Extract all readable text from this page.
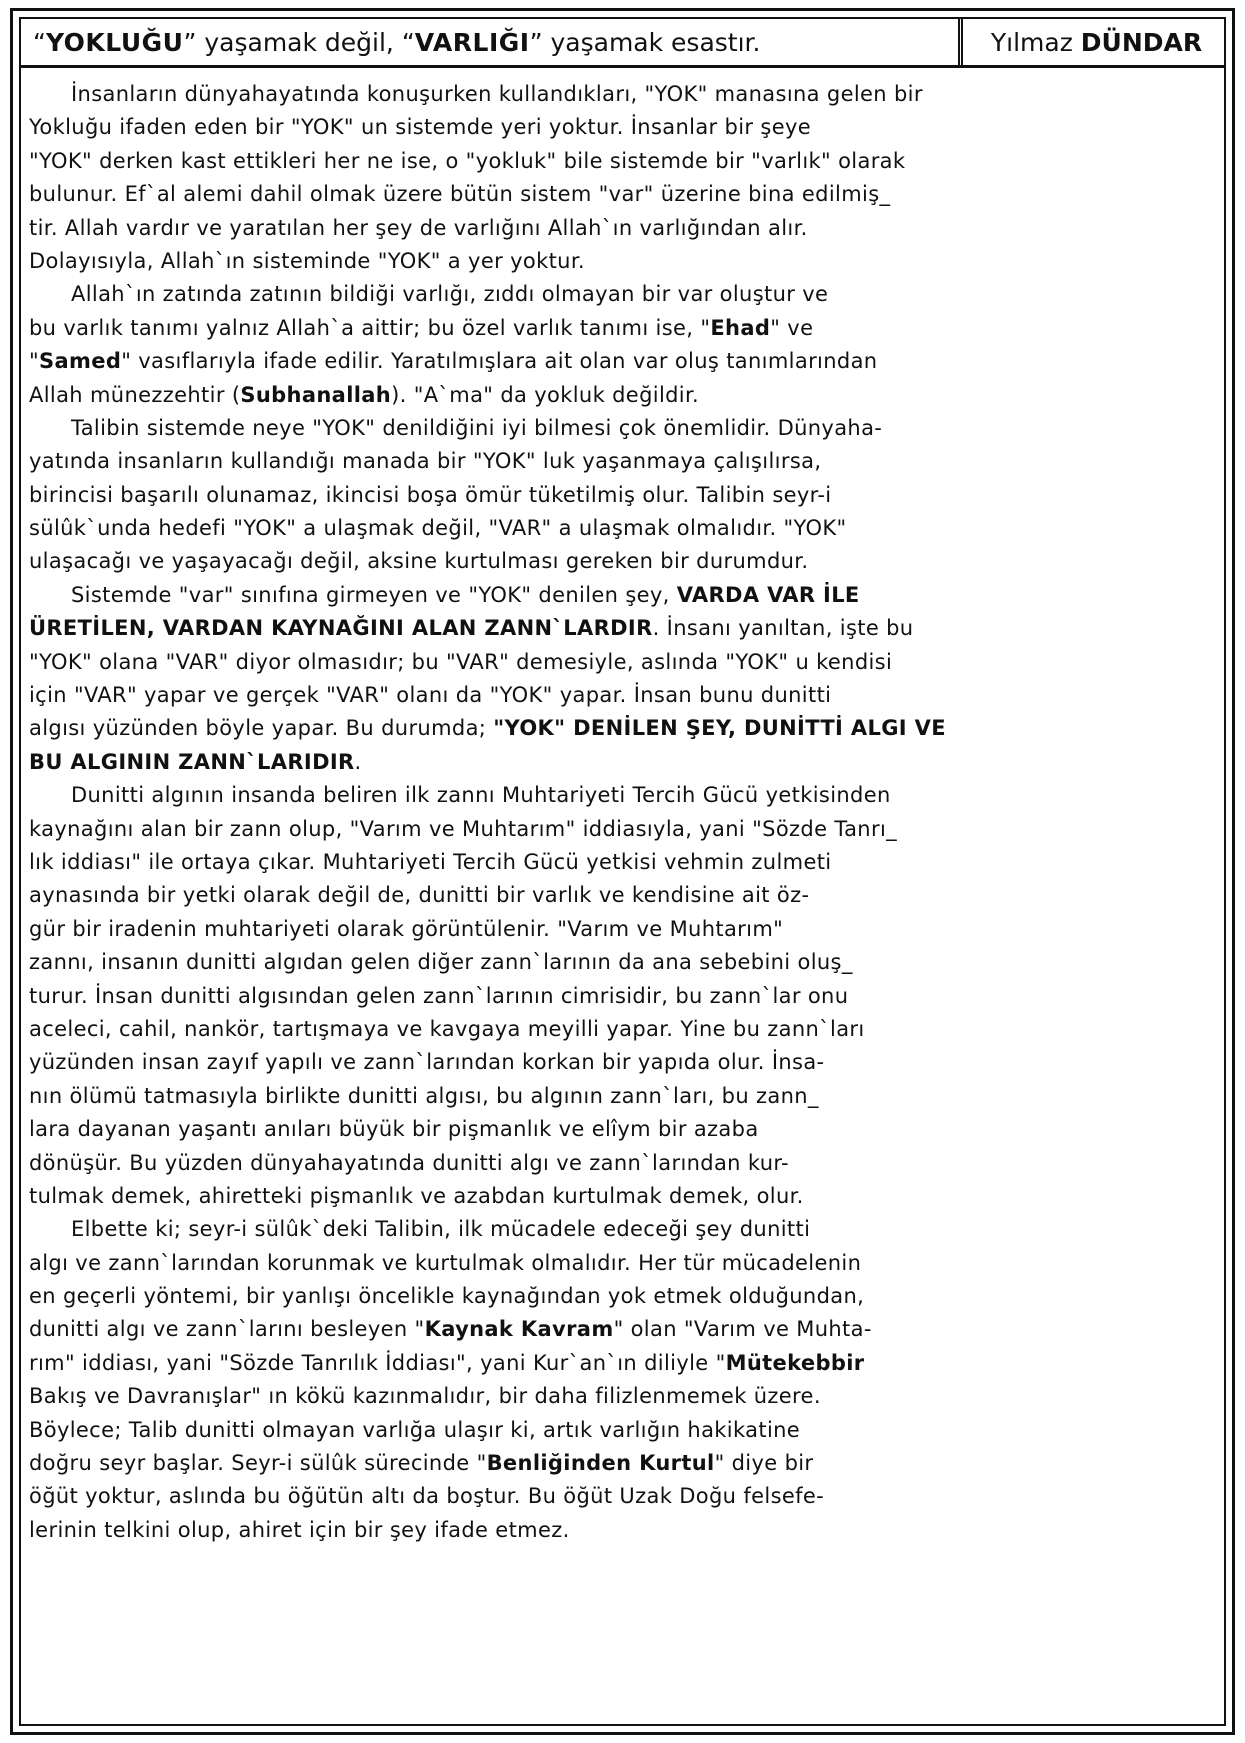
“ YOKLUĞU ” yaşamak değil, “ VARLIĞI ” yaşamak esastır.	Yılmaz DÜNDAR
İnsanların dünyahayatında konuşurken kullandıkları, "YOK" manasına gelen bir
Yokluğu ifaden eden bir "YOK" un sistemde yeri yoktur. İnsanlar bir şeye
"YOK" derken kast ettikleri her ne ise, o "yokluk" bile sistemde bir "varlık" olarak
bulunur. Ef`al alemi dahil olmak üzere bütün sistem "var" üzerine bina edilmiş_
tir. Allah vardır ve yaratılan her şey de varlığını Allah`ın varlığından alır.
Dolayısıyla, Allah`ın sisteminde "YOK" a yer yoktur.
Allah`ın zatında zatının bildiği varlığı, zıddı olmayan bir var oluştur ve
bu varlık tanımı yalnız Allah`a aittir; bu özel varlık tanımı ise, "Ehad" ve
"Samed" vasıflarıyla ifade edilir. Yaratılmışlara ait olan var oluş tanımlarından
Allah münezzehtir (Subhanallah). "A`ma" da yokluk değildir.
Talibin sistemde neye "YOK" denildiğini iyi bilmesi çok önemlidir. Dünyaha-
yatında insanların kullandığı manada bir "YOK" luk yaşanmaya çalışılırsa,
birincisi başarılı olunamaz, ikincisi boşa ömür tüketilmiş olur. Talibin seyr-i
sülûk`unda hedefi "YOK" a ulaşmak değil, "VAR" a ulaşmak olmalıdır. "YOK"
ulaşacağı ve yaşayacağı değil, aksine kurtulması gereken bir durumdur.
Sistemde "var" sınıfına girmeyen ve "YOK" denilen şey, VARDA VAR İLE
ÜRETİLEN, VARDAN KAYNAĞINI ALAN ZANN`LARDIR. İnsanı yanıltan, işte bu
"YOK" olana "VAR" diyor olmasıdır; bu "VAR" demesiyle, aslında "YOK" u kendisi
için "VAR" yapar ve gerçek "VAR" olanı da "YOK" yapar. İnsan bunu dunitti
algısı yüzünden böyle yapar. Bu durumda; "YOK" DENİLEN ŞEY, DUNİTTİ ALGI VE
BU ALGININ ZANN`LARIDIR.
Dunitti algının insanda beliren ilk zannı Muhtariyeti Tercih Gücü yetkisinden
kaynağını alan bir zann olup, "Varım ve Muhtarım" iddiasıyla, yani "Sözde Tanrı_
lık iddiası" ile ortaya çıkar. Muhtariyeti Tercih Gücü yetkisi vehmin zulmeti
aynasında bir yetki olarak değil de, dunitti bir varlık ve kendisine ait öz-
gür bir iradenin muhtariyeti olarak görüntülenir. "Varım ve Muhtarım"
zannı, insanın dunitti algıdan gelen diğer zann`larının da ana sebebini oluş_
turur. İnsan dunitti algısından gelen zann`larının cimrisidir, bu zann`lar onu
aceleci, cahil, nankör, tartışmaya ve kavgaya meyilli yapar. Yine bu zann`ları
yüzünden insan zayıf yapılı ve zann`larından korkan bir yapıda olur. İnsa-
nın ölümü tatmasıyla birlikte dunitti algısı, bu algının zann`ları, bu zann_
lara dayanan yaşantı anıları büyük bir pişmanlık ve elîym bir azaba
dönüşür. Bu yüzden dünyahayatında dunitti algı ve zann`larından kur-
tulmak demek, ahiretteki pişmanlık ve azabdan kurtulmak demek, olur.
Elbette ki; seyr-i sülûk`deki Talibin, ilk mücadele edeceği şey dunitti
algı ve zann`larından korunmak ve kurtulmak olmalıdır. Her tür mücadelenin
en geçerli yöntemi, bir yanlışı öncelikle kaynağından yok etmek olduğundan,
dunitti algı ve zann`larını besleyen "Kaynak Kavram" olan "Varım ve Muhta-
rım" iddiası, yani "Sözde Tanrılık İddiası", yani Kur`an`ın diliyle "Mütekebbir
Bakış ve Davranışlar" ın kökü kazınmalıdır, bir daha filizlenmemek üzere.
Böylece; Talib dunitti olmayan varlığa ulaşır ki, artık varlığın hakikatine
doğru seyr başlar. Seyr-i sülûk sürecinde "Benliğinden Kurtul" diye bir
öğüt yoktur, aslında bu öğütün altı da boştur. Bu öğüt Uzak Doğu felsefe-
lerinin telkini olup, ahiret için bir şey ifade etmez.
